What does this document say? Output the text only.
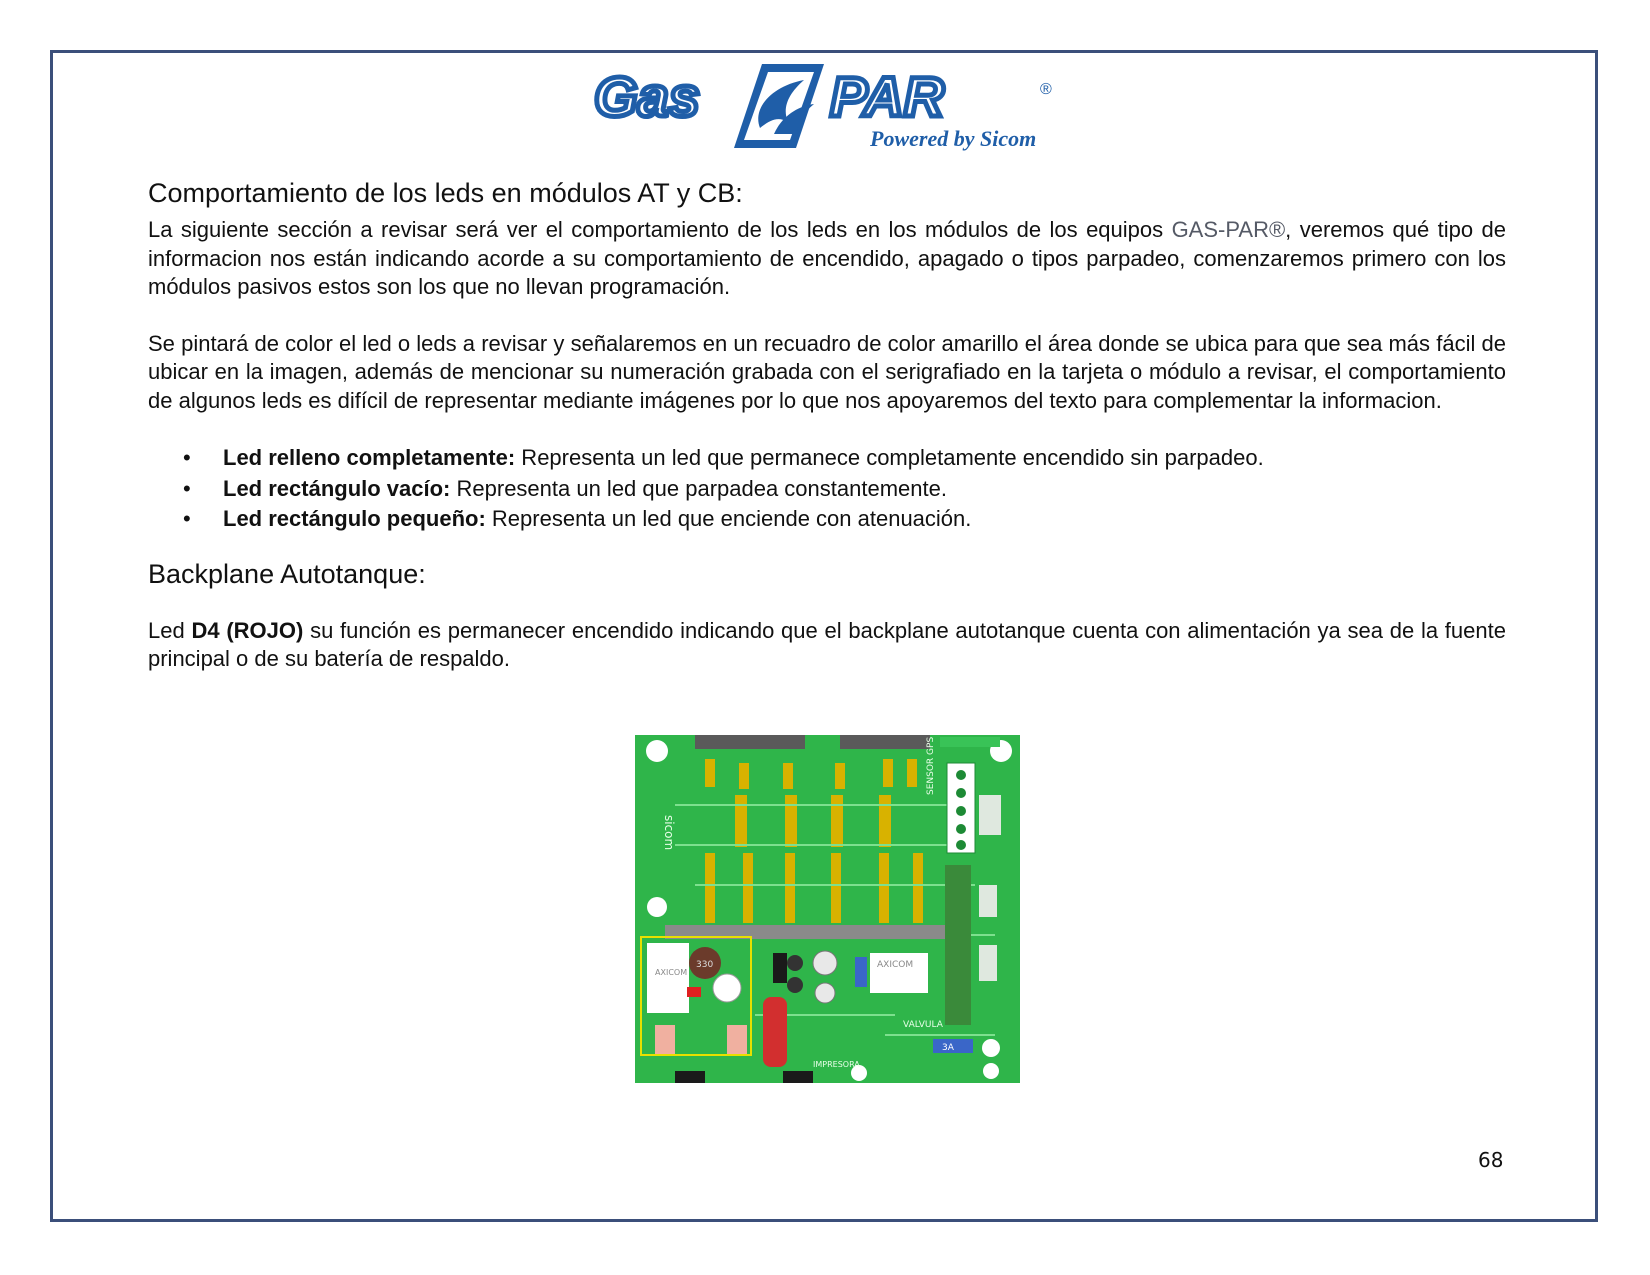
Gas PAR	®
Powered by Sicom
Comportamiento de los leds en módulos AT y CB:

La siguiente sección a revisar será ver el comportamiento de los leds en los módulos de los equipos GAS-PAR®, veremos qué tipo de informacion nos están indicando acorde a su comportamiento de encendido, apagado o tipos parpadeo, comenzaremos primero con los módulos pasivos estos son los que no llevan programación.

Se pintará de color el led o leds a revisar y señalaremos en un recuadro de color amarillo el área donde se ubica para que sea más fácil de ubicar en la imagen, además de mencionar su numeración grabada con el serigrafiado en la tarjeta o módulo a revisar, el comportamiento de algunos leds es difícil de representar mediante imágenes por lo que nos apoyaremos del texto para complementar la informacion.

• Led relleno completamente: Representa un led que permanece completamente encendido sin parpadeo.
• Led rectángulo vacío: Representa un led que parpadea constantemente.
• Led rectángulo pequeño: Representa un led que enciende con atenuación.
Backplane Autotanque:

Led D4 (ROJO) su función es permanecer encendido indicando que el backplane autotanque cuenta con alimentación ya sea de la fuente principal o de su batería de respaldo.

SENSOR GPS
AXICOM
AXICOM
330
3A
IMPRESORA
VALVULA
sicom
68
